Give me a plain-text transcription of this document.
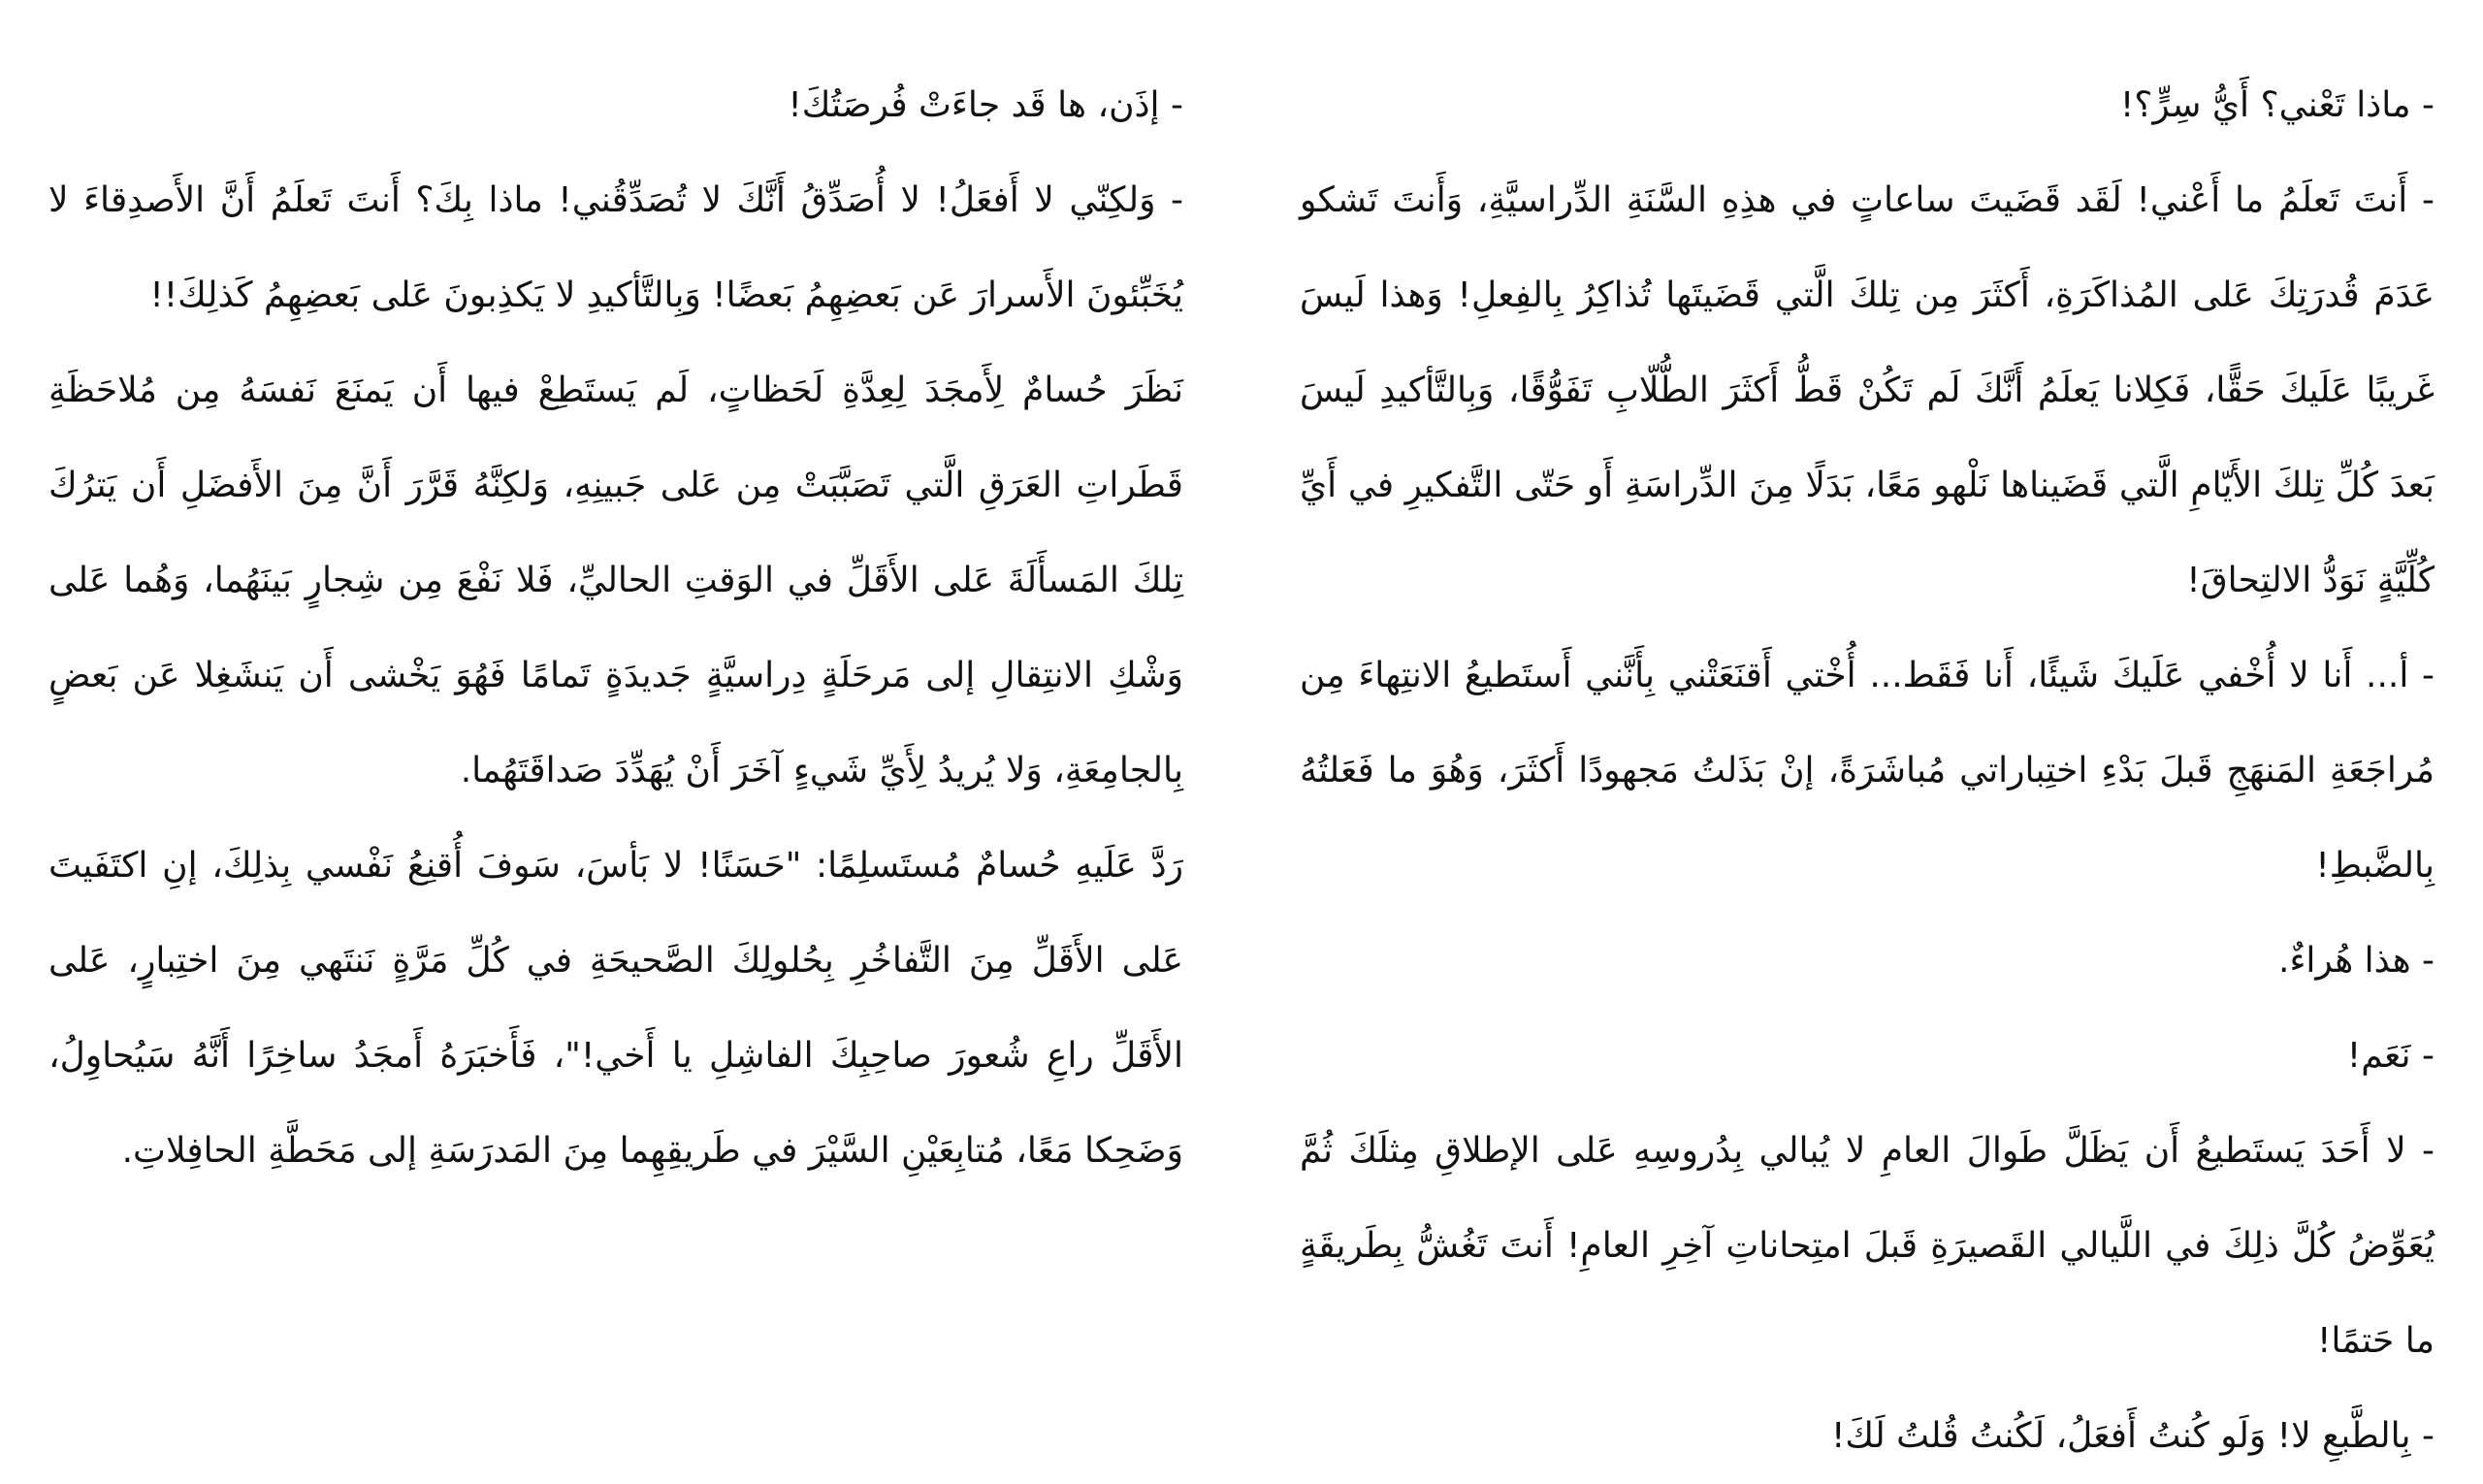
- ماذا تَعْني؟ أَيُّ سِرٍّ؟!

- أَنتَ تَعلَمُ ما أَعْني! لَقَد قَضَيتَ ساعاتٍ في هذِهِ السَّنَةِ الدِّراسيَّةِ، وَأَنتَ تَشكو عَدَمَ قُدرَتِكَ عَلى المُذاكَرَةِ، أَكثَرَ مِن تِلكَ الَّتي قَضَيتَها تُذاكِرُ بِالفِعلِ! وَهذا لَيسَ غَريبًا عَلَيكَ حَقًّا، فَكِلانا يَعلَمُ أَنَّكَ لَم تَكُنْ قَطُّ أَكثَرَ الطُّلّابِ تَفَوُّقًا، وَبِالتَّأكيدِ لَيسَ بَعدَ كُلِّ تِلكَ الأَيّامِ الَّتي قَضَيناها نَلْهو مَعًا، بَدَلًا مِنَ الدِّراسَةِ أَو حَتّى التَّفكيرِ في أَيِّ كُلِّيَّةٍ نَوَدُّ الالتِحاقَ!

- أ... أَنا لا أُخْفي عَلَيكَ شَيئًا، أَنا فَقَط... أُخْتي أَقنَعَتْني بِأَنَّني أَستَطيعُ الانتِهاءَ مِن مُراجَعَةِ المَنهَجِ قَبلَ بَدْءِ اختِباراتي مُباشَرَةً، إنْ بَذَلتُ مَجهودًا أَكثَرَ، وَهُوَ ما فَعَلتُهُ بِالضَّبطِ!

- هذا هُراءٌ.

- نَعَم!

- لا أَحَدَ يَستَطيعُ أَن يَظَلَّ طَوالَ العامِ لا يُبالي بِدُروسِهِ عَلى الإطلاقِ مِثلَكَ ثُمَّ يُعَوِّضُ كُلَّ ذلِكَ في اللَّيالي القَصيرَةِ قَبلَ امتِحاناتِ آخِرِ العامِ! أَنتَ تَغُشُّ بِطَريقَةٍ ما حَتمًا!

- بِالطَّبعِ لا! وَلَو كُنتُ أَفعَلُ، لَكُنتُ قُلتُ لَكَ!

- إذَن، ها قَد جاءَتْ فُرصَتُكَ!

- وَلكِنّي لا أَفعَلُ! لا أُصَدِّقُ أَنَّكَ لا تُصَدِّقُني! ماذا بِكَ؟ أَنتَ تَعلَمُ أَنَّ الأَصدِقاءَ لا يُخَبِّئونَ الأَسرارَ عَن بَعضِهِمُ بَعضًا! وَبِالتَّأكيدِ لا يَكذِبونَ عَلى بَعضِهِمُ كَذلِكَ!!

نَظَرَ حُسامٌ لِأَمجَدَ لِعِدَّةِ لَحَظاتٍ، لَم يَستَطِعْ فيها أَن يَمنَعَ نَفسَهُ مِن مُلاحَظَةِ قَطَراتِ العَرَقِ الَّتي تَصَبَّبَتْ مِن عَلى جَبينِهِ، وَلكِنَّهُ قَرَّرَ أَنَّ مِنَ الأَفضَلِ أَن يَترُكَ تِلكَ المَسأَلَةَ عَلى الأَقَلِّ في الوَقتِ الحاليِّ، فَلا نَفْعَ مِن شِجارٍ بَينَهُما، وَهُما عَلى وَشْكِ الانتِقالِ إلى مَرحَلَةٍ دِراسيَّةٍ جَديدَةٍ تَمامًا فَهُوَ يَخْشى أَن يَنشَغِلا عَن بَعضٍ بِالجامِعَةِ، وَلا يُريدُ لِأَيِّ شَيءٍ آخَرَ أَنْ يُهَدِّدَ صَداقَتَهُما.

رَدَّ عَلَيهِ حُسامٌ مُستَسلِمًا: "حَسَنًا! لا بَأسَ، سَوفَ أُقنِعُ نَفْسي بِذلِكَ، إنِ اكتَفَيتَ عَلى الأَقَلِّ مِنَ التَّفاخُرِ بِحُلولِكَ الصَّحيحَةِ في كُلِّ مَرَّةٍ نَنتَهي مِنَ اختِبارٍ، عَلى الأَقَلِّ راعِ شُعورَ صاحِبِكَ الفاشِلِ يا أَخي!"، فَأَخبَرَهُ أَمجَدُ ساخِرًا أَنَّهُ سَيُحاوِلُ، وَضَحِكا مَعًا، مُتابِعَيْنِ السَّيْرَ في طَريقِهِما مِنَ المَدرَسَةِ إلى مَحَطَّةِ الحافِلاتِ.
